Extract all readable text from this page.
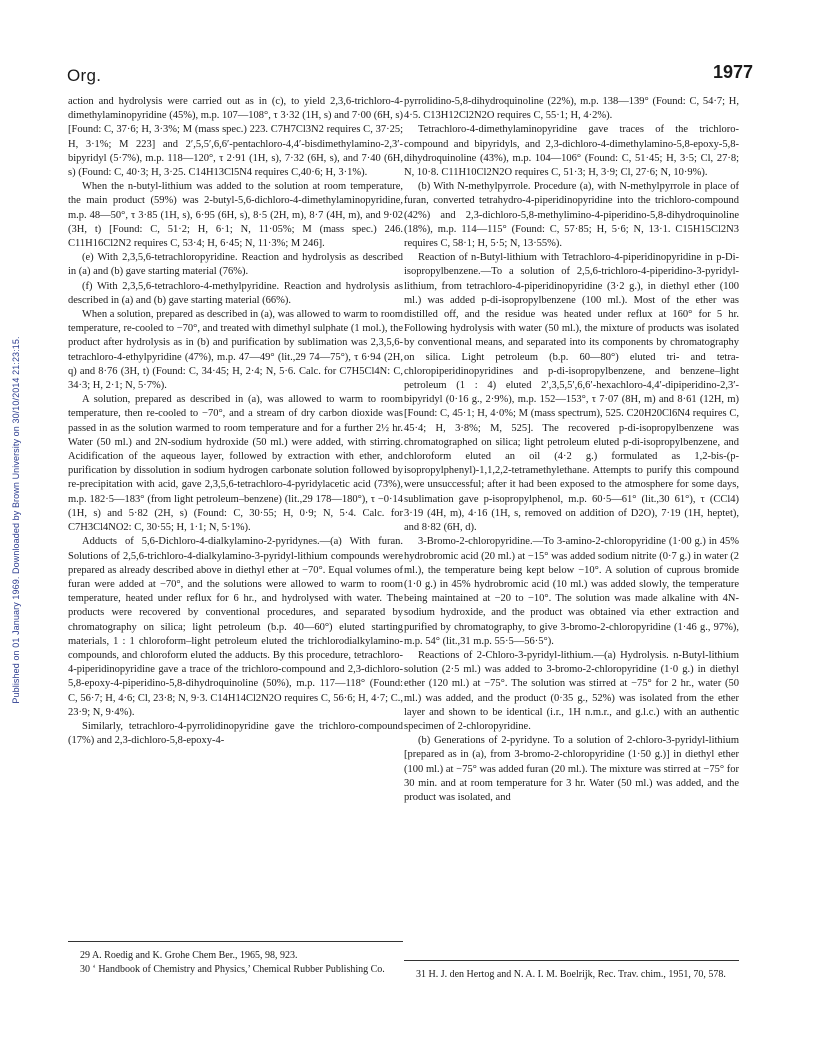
Published on 01 January 1969. Downloaded by Brown University on 30/10/2014 21:23:15.
Org.	1977

action and hydrolysis were carried out as in (c), to yield 2,3,6-trichloro-4-dimethylaminopyridine (45%), m.p. 107—108°, τ 3·32 (1H, s) and 7·00 (6H, s) [Found: C, 37·6; H, 3·3%; M (mass spec.) 223. C7H7Cl3N2 requires C, 37·25; H, 3·1%; M 223] and 2′,5,5′,6,6′-pentachloro-4,4′-bisdimethylamino-2,3′-bipyridyl (5·7%), m.p. 118—120°, τ 2·91 (1H, s), 7·32 (6H, s), and 7·40 (6H, s) (Found: C, 40·3; H, 3·25. C14H13Cl5N4 requires C,40·6; H, 3·1%).

When the n-butyl-lithium was added to the solution at room temperature, the main product (59%) was 2-butyl-5,6-dichloro-4-dimethylaminopyridine, m.p. 48—50°, τ 3·85 (1H, s), 6·95 (6H, s), 8·5 (2H, m), 8·7 (4H, m), and 9·02 (3H, t) [Found: C, 51·2; H, 6·1; N, 11·05%; M (mass spec.) 246. C11H16Cl2N2 requires C, 53·4; H, 6·45; N, 11·3%; M 246].

(e) With 2,3,5,6-tetrachloropyridine. Reaction and hydrolysis as described in (a) and (b) gave starting material (76%).

(f) With 2,3,5,6-tetrachloro-4-methylpyridine. Reaction and hydrolysis as described in (a) and (b) gave starting material (66%).

When a solution, prepared as described in (a), was allowed to warm to room temperature, re-cooled to −70°, and treated with dimethyl sulphate (1 mol.), the product after hydrolysis as in (b) and purification by sublimation was 2,3,5,6-tetrachloro-4-ethylpyridine (47%), m.p. 47—49° (lit.,29 74—75°), τ 6·94 (2H, q) and 8·76 (3H, t) (Found: C, 34·45; H, 2·4; N, 5·6. Calc. for C7H5Cl4N: C, 34·3; H, 2·1; N, 5·7%).

A solution, prepared as described in (a), was allowed to warm to room temperature, then re-cooled to −70°, and a stream of dry carbon dioxide was passed in as the solution warmed to room temperature and for a further 2½ hr. Water (50 ml.) and 2N-sodium hydroxide (50 ml.) were added, with stirring. Acidification of the aqueous layer, followed by extraction with ether, and purification by dissolution in sodium hydrogen carbonate solution followed by re-precipitation with acid, gave 2,3,5,6-tetrachloro-4-pyridylacetic acid (73%), m.p. 182·5—183° (from light petroleum–benzene) (lit.,29 178—180°), τ −0·14 (1H, s) and 5·82 (2H, s) (Found: C, 30·55; H, 0·9; N, 5·4. Calc. for C7H3Cl4NO2: C, 30·55; H, 1·1; N, 5·1%).

Adducts of 5,6-Dichloro-4-dialkylamino-2-pyridynes.—(a) With furan. Solutions of 2,5,6-trichloro-4-dialkylamino-3-pyridyl-lithium compounds were prepared as already described above in diethyl ether at −70°. Equal volumes of furan were added at −70°, and the solutions were allowed to warm to room temperature, heated under reflux for 6 hr., and hydrolysed with water. The products were recovered by conventional procedures, and separated by chromatography on silica; light petroleum (b.p. 40—60°) eluted starting materials, 1 : 1 chloroform–light petroleum eluted the trichlorodialkylamino-compounds, and chloroform eluted the adducts. By this procedure, tetrachloro-4-piperidinopyridine gave a trace of the trichloro-compound and 2,3-dichloro-5,8-epoxy-4-piperidino-5,8-dihydroquinoline (50%), m.p. 117—118° (Found: C, 56·7; H, 4·6; Cl, 23·8; N, 9·3. C14H14Cl2N2O requires C, 56·6; H, 4·7; C., 23·9; N, 9·4%).

Similarly, tetrachloro-4-pyrrolidinopyridine gave the trichloro-compound (17%) and 2,3-dichloro-5,8-epoxy-4-

pyrrolidino-5,8-dihydroquinoline (22%), m.p. 138—139° (Found: C, 54·7; H, 4·5. C13H12Cl2N2O requires C, 55·1; H, 4·2%).

Tetrachloro-4-dimethylaminopyridine gave traces of the trichloro-compound and bipyridyls, and 2,3-dichloro-4-dimethylamino-5,8-epoxy-5,8-dihydroquinoline (43%), m.p. 104—106° (Found: C, 51·45; H, 3·5; Cl, 27·8; N, 10·8. C11H10Cl2N2O requires C, 51·3; H, 3·9; Cl, 27·6; N, 10·9%).

(b) With N-methylpyrrole. Procedure (a), with N-methylpyrrole in place of furan, converted tetrahydro-4-piperidinopyridine into the trichloro-compound (42%) and 2,3-dichloro-5,8-methylimino-4-piperidino-5,8-dihydroquinoline (18%), m.p. 114—115° (Found: C, 57·85; H, 5·6; N, 13·1. C15H15Cl2N3 requires C, 58·1; H, 5·5; N, 13·55%).

Reaction of n-Butyl-lithium with Tetrachloro-4-piperidinopyridine in p-Di-isopropylbenzene.—To a solution of 2,5,6-trichloro-4-piperidino-3-pyridyl-lithium, from tetrachloro-4-piperidinopyridine (3·2 g.), in diethyl ether (100 ml.) was added p-di-isopropylbenzene (100 ml.). Most of the ether was distilled off, and the residue was heated under reflux at 160° for 5 hr. Following hydrolysis with water (50 ml.), the mixture of products was isolated by conventional means, and separated into its components by chromatography on silica. Light petroleum (b.p. 60—80°) eluted tri- and tetra-chloropiperidinopyridines and p-di-isopropylbenzene, and benzene–light petroleum (1 : 4) eluted 2′,3,5,5′,6,6′-hexachloro-4,4′-dipiperidino-2,3′-bipyridyl (0·16 g., 2·9%), m.p. 152—153°, τ 7·07 (8H, m) and 8·61 (12H, m) [Found: C, 45·1; H, 4·0%; M (mass spectrum), 525. C20H20Cl6N4 requires C, 45·4; H, 3·8%; M, 525]. The recovered p-di-isopropylbenzene was chromatographed on silica; light petroleum eluted p-di-isopropylbenzene, and chloroform eluted an oil (4·2 g.) formulated as 1,2-bis-(p-isopropylphenyl)-1,1,2,2-tetramethylethane. Attempts to purify this compound were unsuccessful; after it had been exposed to the atmosphere for some days, sublimation gave p-isopropylphenol, m.p. 60·5—61° (lit.,30 61°), τ (CCl4) 3·19 (4H, m), 4·16 (1H, s, removed on addition of D2O), 7·19 (1H, heptet), and 8·82 (6H, d).

3-Bromo-2-chloropyridine.—To 3-amino-2-chloropyridine (1·00 g.) in 45% hydrobromic acid (20 ml.) at −15° was added sodium nitrite (0·7 g.) in water (2 ml.), the temperature being kept below −10°. A solution of cuprous bromide (1·0 g.) in 45% hydrobromic acid (10 ml.) was added slowly, the temperature being maintained at −20 to −10°. The solution was made alkaline with 4N-sodium hydroxide, and the product was obtained via ether extraction and purified by chromatography, to give 3-bromo-2-chloropyridine (1·46 g., 97%), m.p. 54° (lit.,31 m.p. 55·5—56·5°).

Reactions of 2-Chloro-3-pyridyl-lithium.—(a) Hydrolysis. n-Butyl-lithium solution (2·5 ml.) was added to 3-bromo-2-chloropyridine (1·0 g.) in diethyl ether (120 ml.) at −75°. The solution was stirred at −75° for 2 hr., water (50 ml.) was added, and the product (0·35 g., 52%) was isolated from the ether layer and shown to be identical (i.r., 1H n.m.r., and g.l.c.) with an authentic specimen of 2-chloropyridine.

(b) Generations of 2-pyridyne. To a solution of 2-chloro-3-pyridyl-lithium [prepared as in (a), from 3-bromo-2-chloropyridine (1·50 g.)] in diethyl ether (100 ml.) at −75° was added furan (20 ml.). The mixture was stirred at −75° for 30 min. and at room temperature for 3 hr. Water (50 ml.) was added, and the product was isolated, and

29 A. Roedig and K. Grohe Chem Ber., 1965, 98, 923.

30 ‘ Handbook of Chemistry and Physics,’ Chemical Rubber Publishing Co.	31 H. J. den Hertog and N. A. I. M. Boelrijk, Rec. Trav. chim., 1951, 70, 578.
